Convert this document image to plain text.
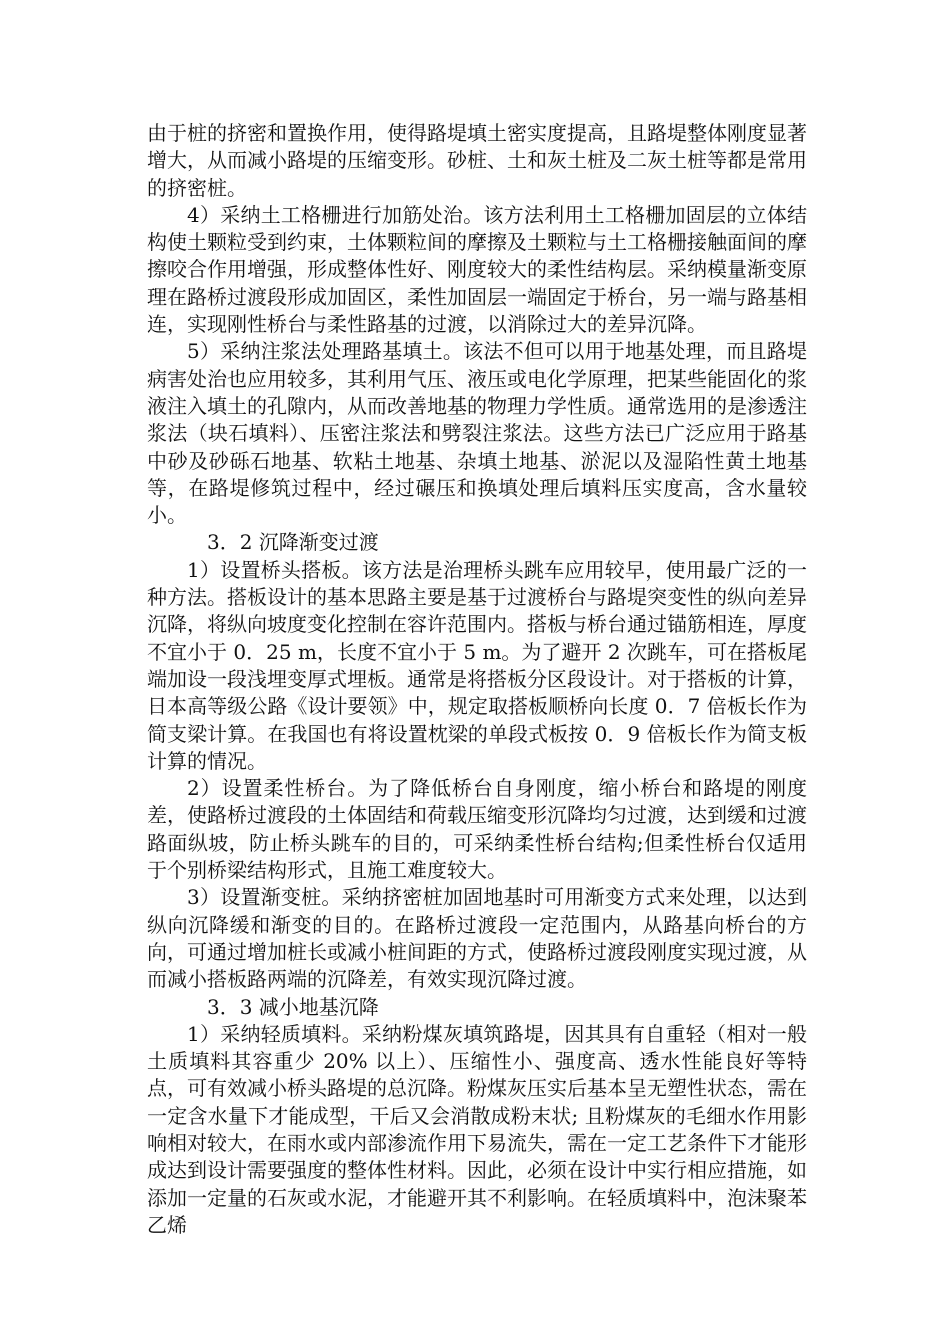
由于桩的挤密和置换作用，使得路堤填土密实度提高，且路堤整体刚度显著增大，从而减小路堤的压缩变形。砂桩、土和灰土桩及二灰土桩等都是常用的挤密桩。

4）采纳土工格栅进行加筋处治。该方法利用土工格栅加固层的立体结构使土颗粒受到约束，土体颗粒间的摩擦及土颗粒与土工格栅接触面间的摩擦咬合作用增强，形成整体性好、刚度较大的柔性结构层。采纳模量渐变原理在路桥过渡段形成加固区，柔性加固层一端固定于桥台，另一端与路基相连，实现刚性桥台与柔性路基的过渡，以消除过大的差异沉降。

5）采纳注浆法处理路基填土。该法不但可以用于地基处理，而且路堤病害处治也应用较多，其利用气压、液压或电化学原理，把某些能固化的浆液注入填土的孔隙内，从而改善地基的物理力学性质。通常选用的是渗透注浆法（块石填料）、压密注浆法和劈裂注浆法。这些方法已广泛应用于路基中砂及砂砾石地基、软粘土地基、杂填土地基、淤泥以及湿陷性黄土地基等，在路堤修筑过程中，经过碾压和换填处理后填料压实度高，含水量较小。

3．2 沉降渐变过渡

1）设置桥头搭板。该方法是治理桥头跳车应用较早，使用最广泛的一种方法。搭板设计的基本思路主要是基于过渡桥台与路堤突变性的纵向差异沉降，将纵向坡度变化控制在容许范围内。搭板与桥台通过锚筋相连，厚度不宜小于 0．25 m，长度不宜小于 5 m。为了避开 2 次跳车，可在搭板尾端加设一段浅埋变厚式埋板。通常是将搭板分区段设计。对于搭板的计算，日本高等级公路《设计要领》中，规定取搭板顺桥向长度 0．7 倍板长作为简支梁计算。在我国也有将设置枕梁的单段式板按 0．9 倍板长作为简支板计算的情况。

2）设置柔性桥台。为了降低桥台自身刚度，缩小桥台和路堤的刚度差，使路桥过渡段的土体固结和荷载压缩变形沉降均匀过渡，达到缓和过渡路面纵坡，防止桥头跳车的目的，可采纳柔性桥台结构;但柔性桥台仅适用于个别桥梁结构形式，且施工难度较大。

3）设置渐变桩。采纳挤密桩加固地基时可用渐变方式来处理，以达到纵向沉降缓和渐变的目的。在路桥过渡段一定范围内，从路基向桥台的方向，可通过增加桩长或减小桩间距的方式，使路桥过渡段刚度实现过渡，从而减小搭板路两端的沉降差，有效实现沉降过渡。

3．3 减小地基沉降

1）采纳轻质填料。采纳粉煤灰填筑路堤，因其具有自重轻（相对一般土质填料其容重少 20% 以上）、压缩性小、强度高、透水性能良好等特点，可有效减小桥头路堤的总沉降。粉煤灰压实后基本呈无塑性状态，需在一定含水量下才能成型，干后又会消散成粉末状; 且粉煤灰的毛细水作用影响相对较大，在雨水或内部渗流作用下易流失，需在一定工艺条件下才能形成达到设计需要强度的整体性材料。因此，必须在设计中实行相应措施，如添加一定量的石灰或水泥，才能避开其不利影响。在轻质填料中，泡沫聚苯乙烯
